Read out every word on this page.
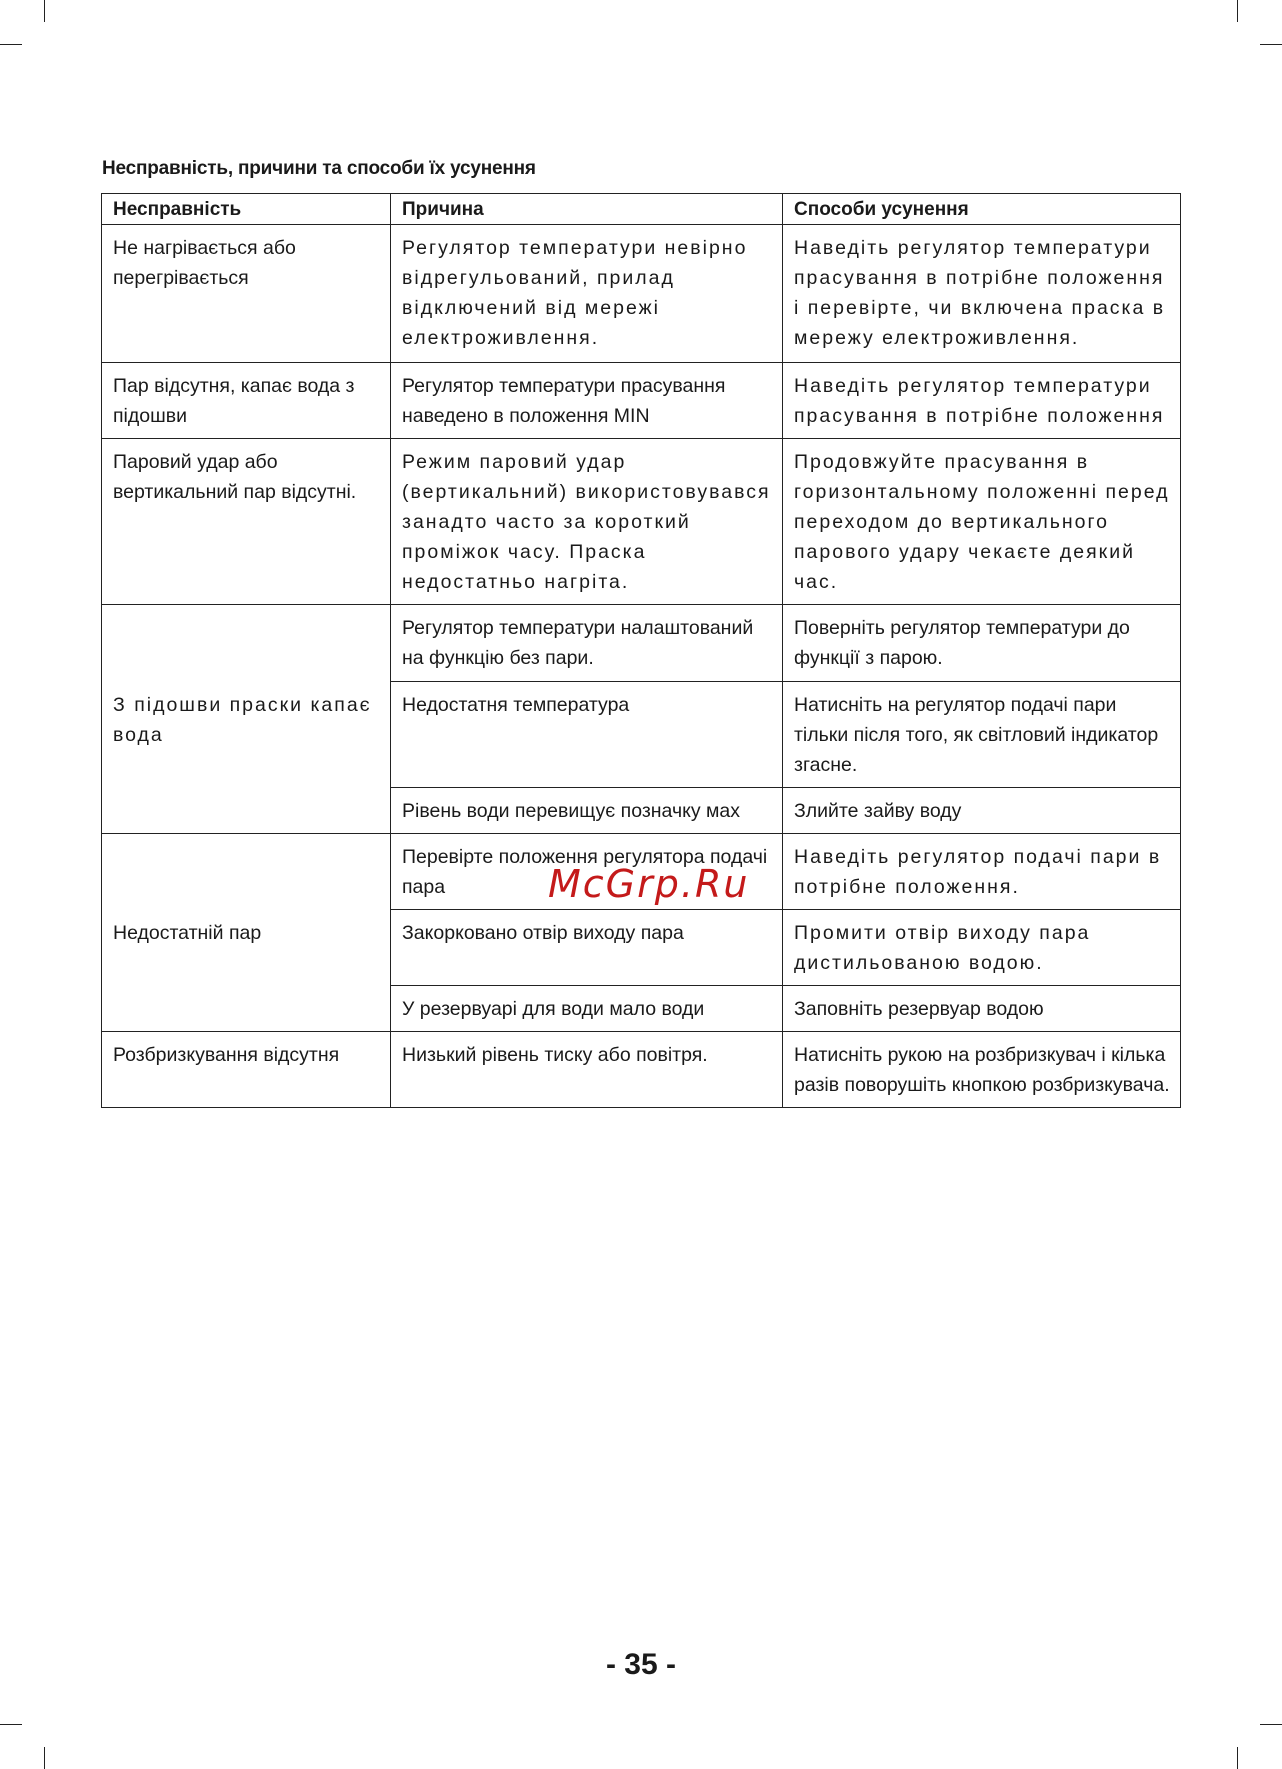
Несправність, причини та способи їх усунення
Несправність	Причина	Способи усунення
Не нагрівається або перегрівається	Регулятор температури невірно відрегульований, прилад відключений від мережі електроживлення.	Наведіть регулятор температури прасування в потрібне положення і перевірте, чи включена праска в мережу електроживлення.
Пар відсутня, капає вода з підошви	Регулятор температури прасування наведено в положення MIN	Наведіть регулятор температури прасування в потрібне положення
Паровий удар або вертикальний пар відсутні.	Режим паровий удар (вертикальний) використовувався занадто часто за короткий проміжок часу. Праска недостатньо нагріта.	Продовжуйте прасування в горизонтальному положенні перед переходом до вертикального парового удару чекаєте деякий час.
З підошви праски капає вода	Регулятор температури налаштований на функцію без пари.	Поверніть регулятор температури до функції з парою.
	Недостатня температура	Натисніть на регулятор подачі пари тільки після того, як світловий індикатор згасне.
	Рівень води перевищує позначку мах	Злийте зайву воду
Недостатній пар	Перевірте положення регулятора подачі пара	Наведіть регулятор подачі пари в потрібне положення.
	Закорковано отвір виходу пара	Промити отвір виходу пара дистильованою водою.
	У резервуарі для води мало води	Заповніть резервуар водою
Розбризкування відсутня	Низький рівень тиску або повітря.	Натисніть рукою на розбризкувач і кілька разів поворушіть кнопкою розбризкувача.
McGrp.Ru
- 35 -
